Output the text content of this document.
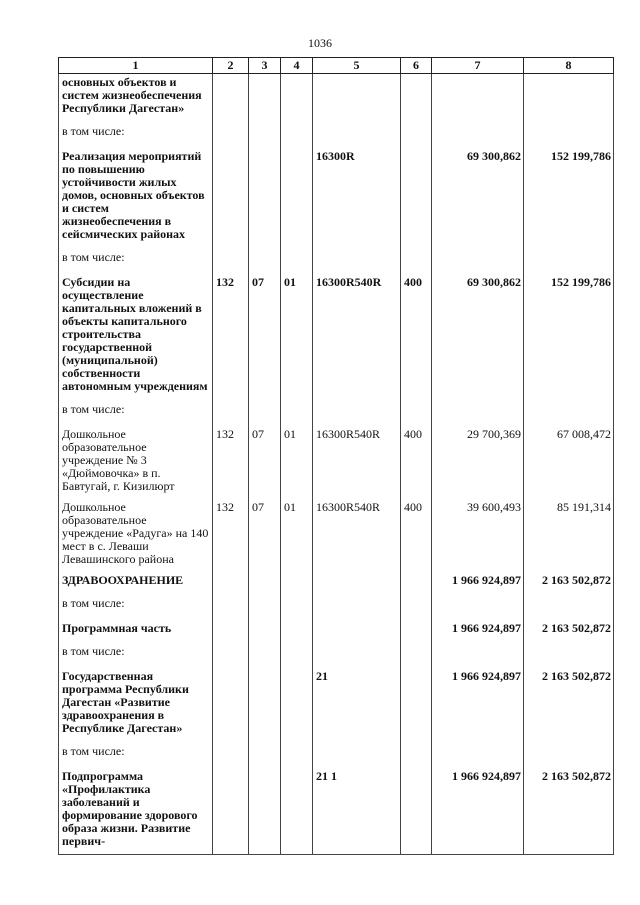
1036
1	2	3	4	5	6	7	8
основных объектов и систем жизнеобеспечения Республики Дагестан»							
в том числе:							
Реализация мероприятий по повышению устойчивости жилых домов, основных объектов и систем жизнеобеспечения в сейсмических районах				16300R		69 300,862	152 199,786
в том числе:							
Субсидии на осуществление капитальных вложений в объекты капитального строительства государственной (муниципальной) собственности автономным учреждениям	132	07	01	16300R540R	400	69 300,862	152 199,786
в том числе:							
Дошкольное образовательное учреждение № 3 «Дюймовочка» в п. Бавтугай, г. Кизилюрт	132	07	01	16300R540R	400	29 700,369	67 008,472
Дошкольное образовательное учреждение «Радуга» на 140 мест в с. Леваши Левашинского района	132	07	01	16300R540R	400	39 600,493	85 191,314
ЗДРАВООХРАНЕНИЕ						1 966 924,897	2 163 502,872
в том числе:							
Программная часть						1 966 924,897	2 163 502,872
в том числе:							
Государственная программа Республики Дагестан «Развитие здравоохранения в Республике Дагестан»				21		1 966 924,897	2 163 502,872
в том числе:							
Подпрограмма «Профилактика заболеваний и формирование здорового образа жизни. Развитие первич-				21 1		1 966 924,897	2 163 502,872
